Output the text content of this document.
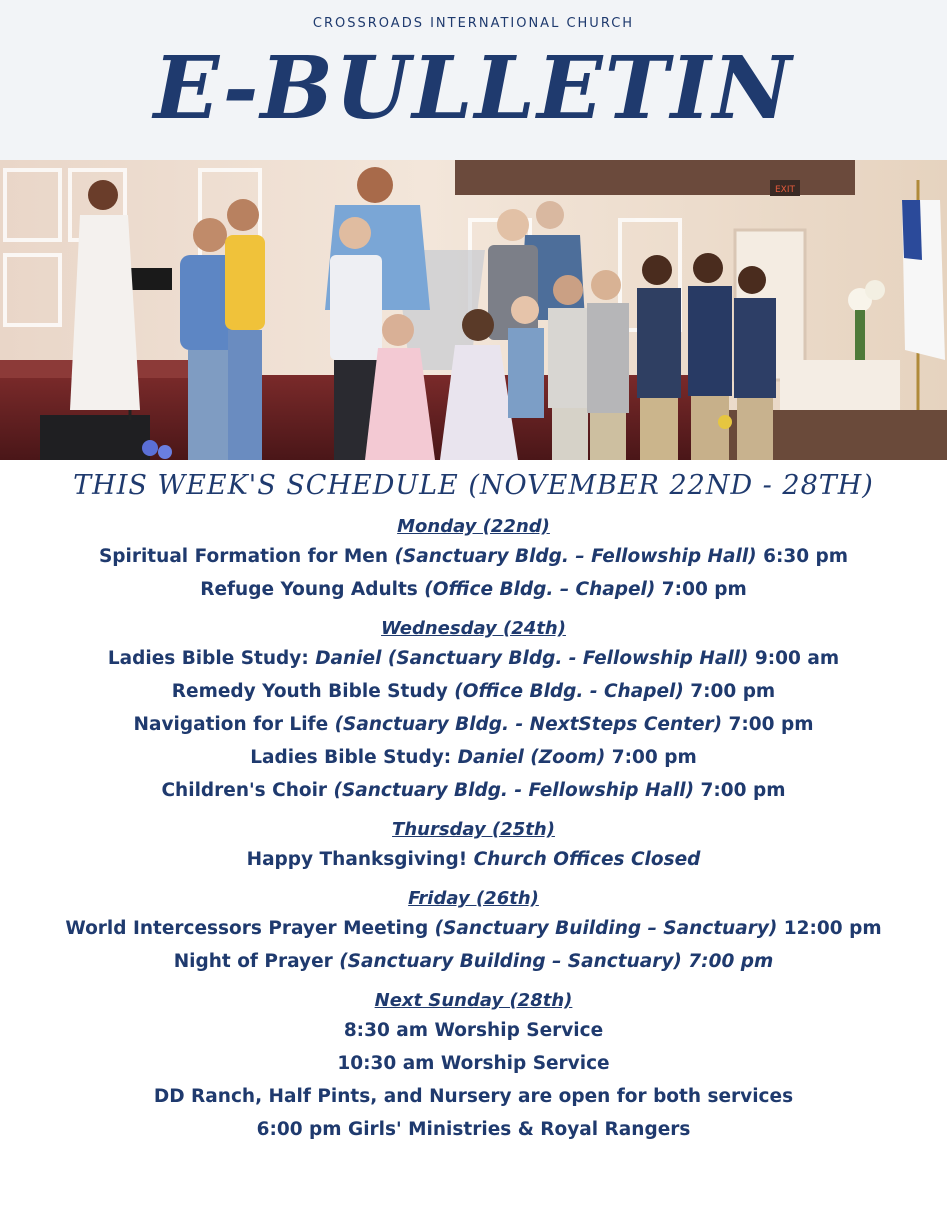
CROSSROADS INTERNATIONAL CHURCH
E-BULLETIN
EXIT
THIS WEEK'S SCHEDULE (NOVEMBER 22ND - 28TH)
Monday (22nd)
Spiritual Formation for Men (Sanctuary Bldg. – Fellowship Hall) 6:30 pm
Refuge Young Adults (Office Bldg. – Chapel) 7:00 pm
Wednesday (24th)
Ladies Bible Study: Daniel (Sanctuary Bldg. - Fellowship Hall) 9:00 am
Remedy Youth Bible Study (Office Bldg. - Chapel) 7:00 pm
Navigation for Life (Sanctuary Bldg. - NextSteps Center) 7:00 pm
Ladies Bible Study: Daniel (Zoom) 7:00 pm
Children's Choir (Sanctuary Bldg. - Fellowship Hall) 7:00 pm
Thursday (25th)
Happy Thanksgiving! Church Offices Closed
Friday (26th)
World Intercessors Prayer Meeting (Sanctuary Building – Sanctuary) 12:00 pm
Night of Prayer (Sanctuary Building – Sanctuary) 7:00 pm
Next Sunday (28th)
8:30 am Worship Service
10:30 am Worship Service
DD Ranch, Half Pints, and Nursery are open for both services
6:00 pm Girls' Ministries & Royal Rangers
